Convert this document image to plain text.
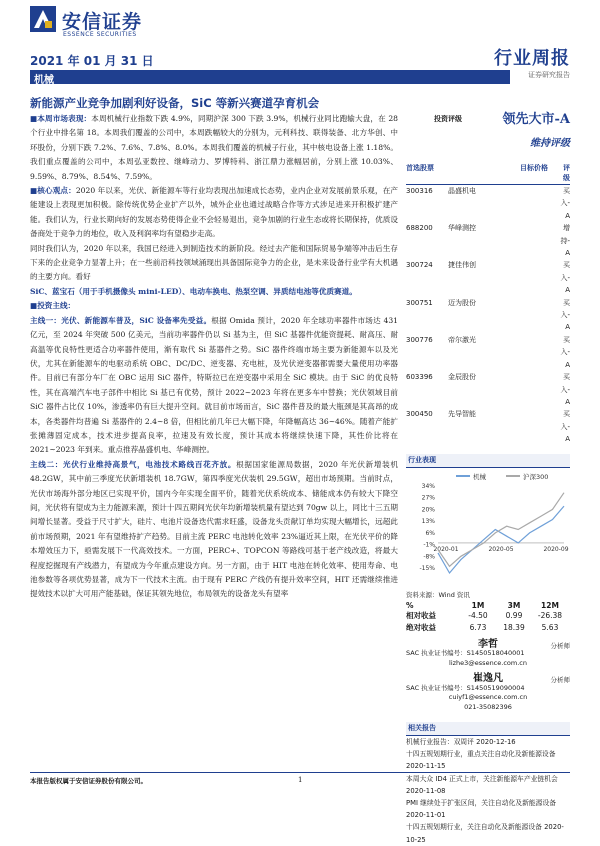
安信证券
ESSENCE SECURITIES
2021 年 01 月 31 日	行业周报
证券研究报告
机械
新能源产业竞争加剧利好设备，SiC 等新兴赛道孕育机会

■本周市场表现：本周机械行业指数下跌 4.9%，同期沪深 300 下跌 3.9%，机械行业同比跑输大盘，在 28 个行业中排名第 18。本周我们覆盖的公司中，本周跌幅较大的分别为，元利科技、联得装备、北方华创、中环股份，分别下跌 7.2%、7.6%、7.8%、8.0%。本周我们覆盖的机械子行业，其中核电设备上涨 1.18%。我们重点覆盖的公司中，本周弘亚数控、继峰动力、罗博特科、浙江鼎力涨幅居前，分别上涨 10.03%、9.59%、8.79%、8.54%、7.59%。

■核心观点：2020 年以来，光伏、新能源车等行业均表现出加速成长态势，业内企业对发展前景乐观，在产能建设上表现更加积极。除传统优势企业扩产以外，城外企业也通过战略合作等方式涉足进来开积极扩建产能。我们认为，行业长期向好的发展态势使得企业不会轻易退出，竞争加剧的行业生态或将长期保持，优质设备商处于竞争力的地位，收入及利润率均有望稳步走高。

同时我们认为，2020 年以来，我国已经进入到制造技术的新阶段。经过去产能和国际贸易争端等冲击后生存下来的企业竞争力显著上升；在一些前沿科技领域涌现出具备国际竞争力的企业，是未来设备行业学有大机遇的主要方向。看好

SiC、蓝宝石（用于手机摄像头 mini-LED）、电动车换电、热泵空调、异质结电池等优质赛道。

■投资主线：

主线一：光伏、新能源车普及，SiC 设备率先受益。根据 Omida 预计，2020 年全球功率器件市场达 431 亿元，至 2024 年突破 500 亿美元，当前功率器件仍以 Si 基为主，但 SiC 基器件优能资提耗、耐高压、耐高温等优良特性更适合功率器件使用，渐有取代 Si 基器件之势。SiC 器件终端市场主要为新能源车以及光伏，尤其在新能源车的电驱动系统 OBC、DC/DC、逆变器、充电桩，及光伏逆变器都需要大量使用功率器件。目前已有部分车厂在 OBC 运用 SiC 器件，特斯拉已在逆变器中采用全 SiC 模块。由于 SiC 的优良特性，其在高端汽车电子部件中相比 Si 基已有优势，预计 2022~2023 年将在更多车中替换；光伏领域目前 SiC 器件占比仅 10%，渗透率仍有巨大提升空间。就目前市场而言，SiC 器件普及的最大瓶颈是其高昂的成本，各类器件均普遍 Si 基器件的 2.4~8 倍，但相比前几年已大幅下降，年降幅高达 36~46%。随着产能扩张摊薄固定成本，技术进步提高良率，拉速及有效长度，预计其成本将继续快速下降，其性价比将在 2021~2023 年到来。重点推荐晶盛机电、华峰测控。

主线二：光伏行业维持高景气，电池技术路线百花齐放。根据国家能源局数据，2020 年光伏新增装机 48.2GW，其中前三季度光伏新增装机 18.7GW，第四季度光伏装机 29.5GW，超出市场预期。当前时点，光伏市场海外部分地区已实现平价，国内今年实现全面平价，随着光伏系统成本、储能成本仍有较大下降空间，光伏将有望成为主力能源来源，预计十四五期间光伏年均新增装机量有望达到 70gw 以上，同比十三五期间增长显著。受益于尺寸扩大，硅片、电池片设备迭代需求旺盛，设备龙头贡献订单均实现大幅增长，远超此前市场预期，2021 年有望维持扩产趋势。目前主流 PERC 电池转化效率 23%逼近其上限，在光伏平价的降本增效压力下，亟需发展下一代高效技术。一方面，PERC+、TOPCON 等路线可基于老产线改造，将最大程度挖掘现有产线潜力，有望成为今年重点建设方向。另一方面，由于 HIT 电池在转化效率、使用寿命、电池参数等各项优势显著，成为下一代技术主流。由于现有 PERC 产线仍有提升效率空间，HIT 还需继续推进提效技术以扩大可用产能基础，保证其领先地位，布局领先的设备龙头有望率

投资评级	领先大市-A
维持评级
首选股票	目标价格	评级
300316	晶盛机电	买入-A
688200	华峰测控	增持-A
300724	捷佳伟创	买入-A
300751	迈为股份	买入-A
300776	帝尔激光	买入-A
603396	金辰股份	买入-A
300450	先导智能	买入-A
行业表现
机械	沪深300
34%
27%
20%
13%
6%
-1%
-8%
-15%
2020-01	2020-05	2020-09
资料来源：Wind 资讯
%	1M	3M	12M
相对收益	-4.50	0.99	-26.38
绝对收益	6.73	18.39	5.63
李哲	分析师
SAC 执业证书编号：S1450518040001
lizhe3@essence.com.cn
崔逸凡	分析师
SAC 执业证书编号：S1450519090004
cuiyf1@essence.com.cn
021-35082396
相关报告
机械行业报告：双周评 2020-12-16
十四五规划期行业，重点关注自动化及新能源设备 2020-11-15
本周大众 ID4 正式上市，关注新能源车产业链机会 2020-11-08
PMI 继续处于扩张区间，关注自动化及新能源设备 2020-11-01
十四五规划期行业，关注自动化及新能源设备 2020-10-25
本报告版权属于安信证券股份有限公司。	1
